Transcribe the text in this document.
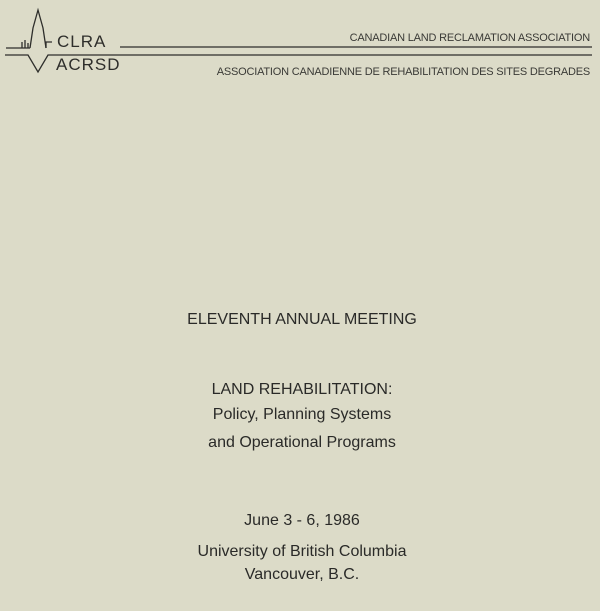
CLRA
ACRSD
CANADIAN LAND RECLAMATION ASSOCIATION
ASSOCIATION CANADIENNE DE REHABILITATION DES SITES DEGRADES
ELEVENTH ANNUAL MEETING
LAND REHABILITATION:
Policy, Planning Systems
and Operational Programs
June 3 - 6, 1986
University of British Columbia
Vancouver, B.C.
